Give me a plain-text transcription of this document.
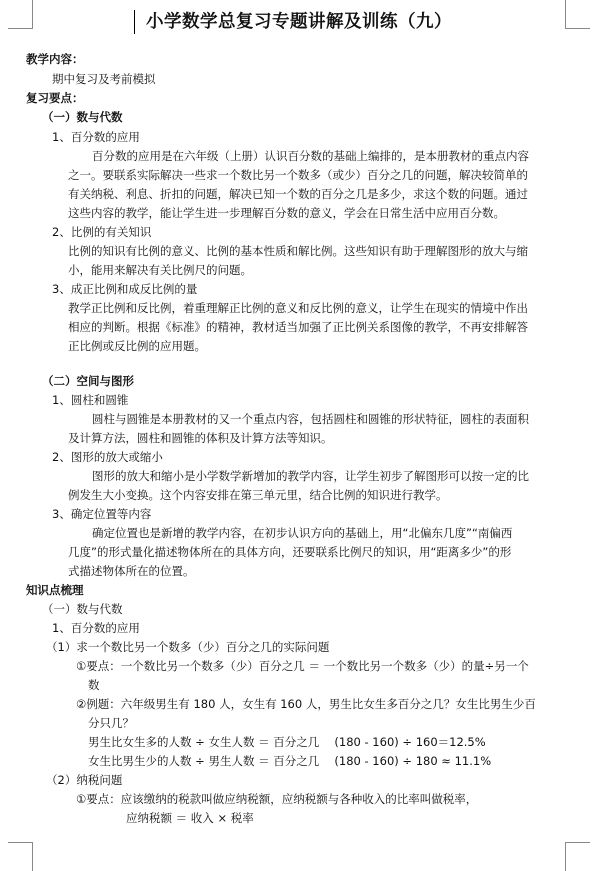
小学数学总复习专题讲解及训练（九）
教学内容：
期中复习及考前模拟
复习要点：
（一）数与代数
1、百分数的应用
百分数的应用是在六年级（上册）认识百分数的基础上编排的，是本册教材的重点内容
之一。要联系实际解决一些求一个数比另一个数多（或少）百分之几的问题，解决较简单的
有关纳税、利息、折扣的问题，解决已知一个数的百分之几是多少，求这个数的问题。通过
这些内容的教学，能让学生进一步理解百分数的意义，学会在日常生活中应用百分数。
2、比例的有关知识
比例的知识有比例的意义、比例的基本性质和解比例。这些知识有助于理解图形的放大与缩
小，能用来解决有关比例尺的问题。
3、成正比例和成反比例的量
教学正比例和反比例，着重理解正比例的意义和反比例的意义，让学生在现实的情境中作出
相应的判断。根据《标准》的精神，教材适当加强了正比例关系图像的教学，不再安排解答
正比例或反比例的应用题。
（二）空间与图形
1、圆柱和圆锥
圆柱与圆锥是本册教材的又一个重点内容，包括圆柱和圆锥的形状特征，圆柱的表面积
及计算方法，圆柱和圆锥的体积及计算方法等知识。
2、图形的放大或缩小
图形的放大和缩小是小学数学新增加的教学内容，让学生初步了解图形可以按一定的比
例发生大小变换。这个内容安排在第三单元里，结合比例的知识进行教学。
3、确定位置等内容
确定位置也是新增的教学内容，在初步认识方向的基础上，用“北偏东几度”“南偏西
几度”的形式量化描述物体所在的具体方向，还要联系比例尺的知识，用“距离多少”的形
式描述物体所在的位置。
知识点梳理
（一）数与代数
1、百分数的应用
（1）求一个数比另一个数多（少）百分之几的实际问题
①要点：一个数比另一个数多（少）百分之几 ＝ 一个数比另一个数多（少）的量÷另一个
数
②例题：六年级男生有 180 人，女生有 160 人，男生比女生多百分之几？女生比男生少百
分只几？
男生比女生多的人数 ÷ 女生人数 ＝ 百分之几　 (180 - 160) ÷ 160＝12.5%
女生比男生少的人数 ÷ 男生人数 ＝ 百分之几　 (180 - 160) ÷ 180 ≈ 11.1%
（2）纳税问题
①要点：应该缴纳的税款叫做应纳税额，应纳税额与各种收入的比率叫做税率，
应纳税额 ＝ 收入 × 税率
